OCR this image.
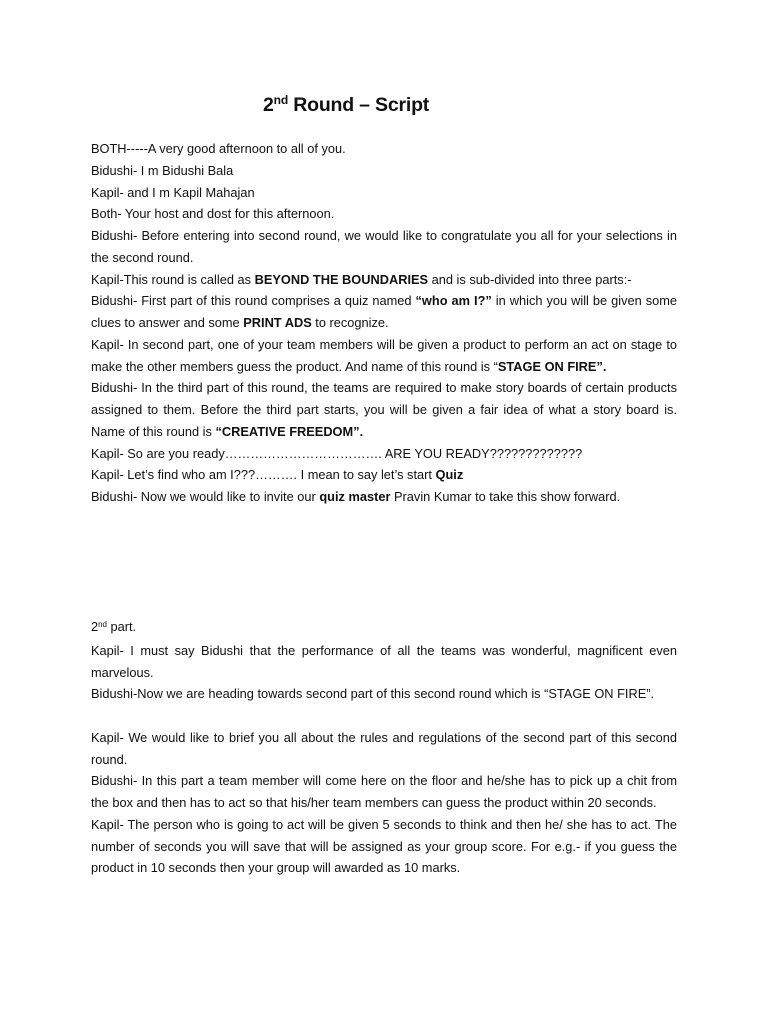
2nd Round – Script

BOTH-----A very good afternoon to all of you.

Bidushi- I m Bidushi Bala

Kapil- and I m Kapil Mahajan

Both- Your host and dost for this afternoon.

Bidushi- Before entering into second round, we would like to congratulate you all for your selections in the second round.

Kapil-This round is called as BEYOND THE BOUNDARIES and is sub-divided into three parts:-

Bidushi- First part of this round comprises a quiz named “who am I?” in which you will be given some clues to answer and some PRINT ADS to recognize.

Kapil- In second part, one of your team members will be given a product to perform an act on stage to make the other members guess the product. And name of this round is “STAGE ON FIRE”.

Bidushi- In the third part of this round, the teams are required to make story boards of certain products assigned to them. Before the third part starts, you will be given a fair idea of what a story board is. Name of this round is “CREATIVE FREEDOM”.

Kapil- So are you ready………………………………. ARE YOU READY?????????????

Kapil- Let’s find who am I???………. I mean to say let’s start Quiz

Bidushi- Now we would like to invite our quiz master Pravin Kumar to take this show forward.

2nd part.

Kapil- I must say Bidushi that the performance of all the teams was wonderful, magnificent even marvelous.

Bidushi-Now we are heading towards second part of this second round which is “STAGE ON FIRE”.

Kapil- We would like to brief you all about the rules and regulations of the second part of this second round.

Bidushi- In this part a team member will come here on the floor and he/she has to pick up a chit from the box and then has to act so that his/her team members can guess the product within 20 seconds.

Kapil- The person who is going to act will be given 5 seconds to think and then he/ she has to act. The number of seconds you will save that will be assigned as your group score. For e.g.- if you guess the product in 10 seconds then your group will awarded as 10 marks.
